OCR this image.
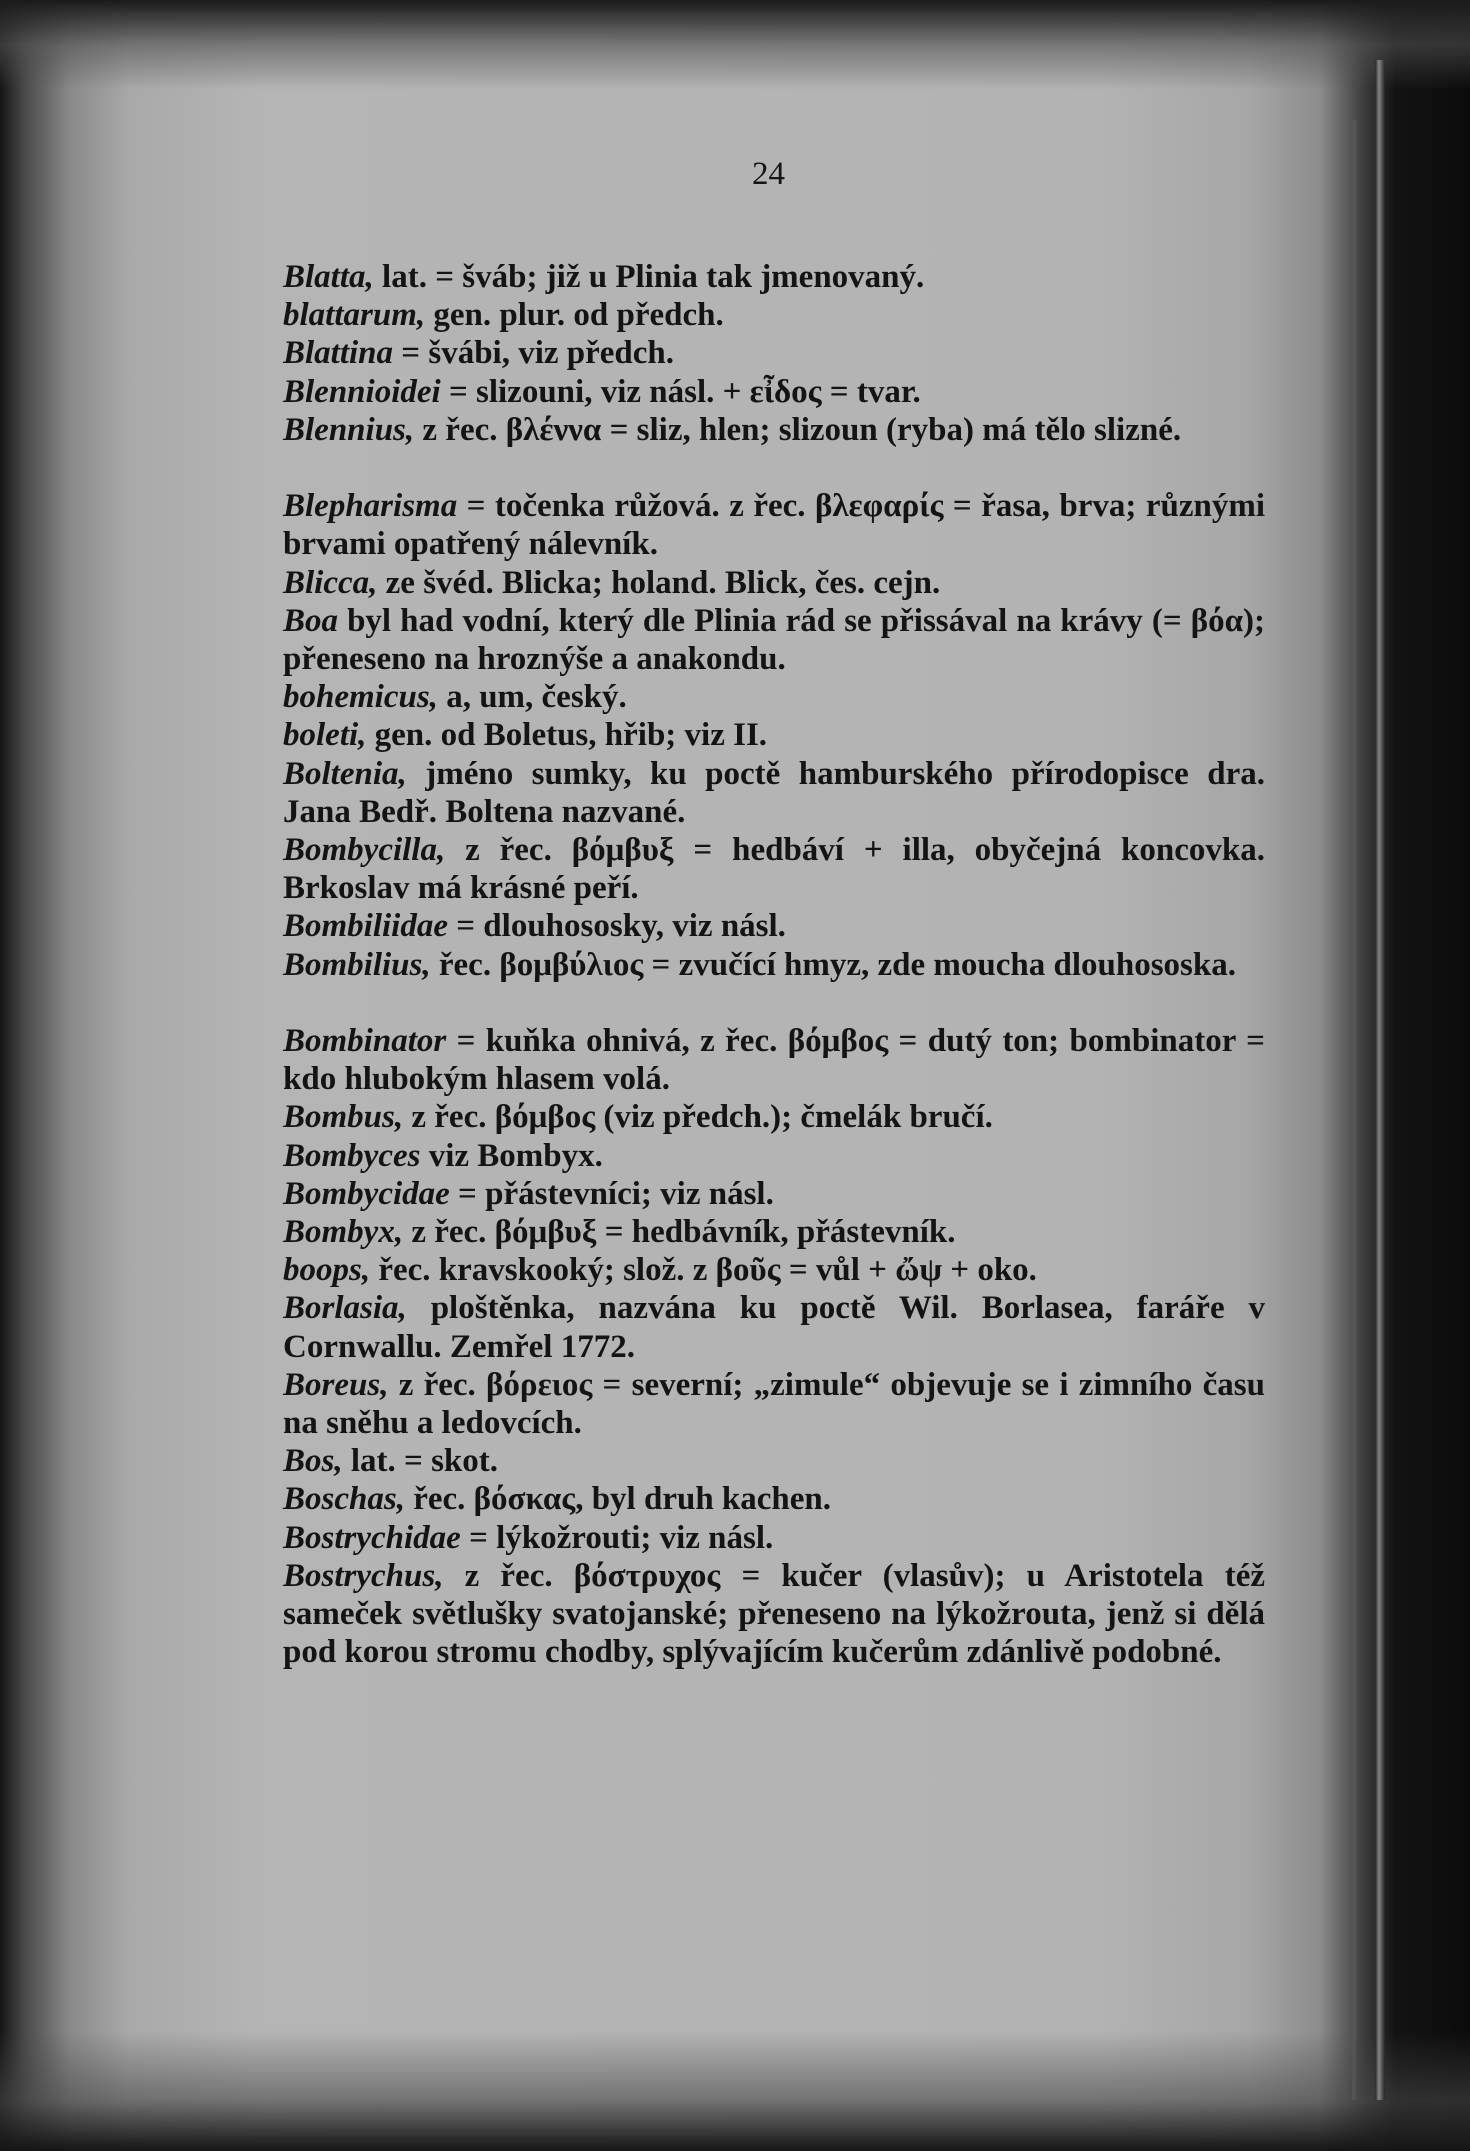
24

Blatta, lat. = šváb; již u Plinia tak jmenovaný.

blattarum, gen. plur. od předch.

Blattina = švábi, viz předch.

Blennioidei = slizouni, viz násl. + εἶδος = tvar.

Blennius, z řec. βλέννα = sliz, hlen; slizoun (ryba) má tělo slizné.

Blepharisma = točenka růžová. z řec. βλεφαρίς = řasa, brva; různými brvami opatřený nálevník.

Blicca, ze švéd. Blicka; holand. Blick, čes. cejn.

Boa byl had vodní, který dle Plinia rád se přissával na krávy (= βόα); přeneseno na hroznýše a anakondu.

bohemicus, a, um, český.

boleti, gen. od Boletus, hřib; viz II.

Boltenia, jméno sumky, ku poctě hamburského přírodopisce dra. Jana Bedř. Boltena nazvané.

Bombycilla, z řec. βόμβυξ = hedbáví + illa, obyčejná koncovka. Brkoslav má krásné peří.

Bombiliidae = dlouhososky, viz násl.

Bombilius, řec. βομβύλιος = zvučící hmyz, zde moucha dlouhososka.

Bombinator = kuňka ohnivá, z řec. βόμβος = dutý ton; bombinator = kdo hlubokým hlasem volá.

Bombus, z řec. βόμβος (viz předch.); čmelák bručí.

Bombyces viz Bombyx.

Bombycidae = přástevníci; viz násl.

Bombyx, z řec. βόμβυξ = hedbávník, přástevník.

boops, řec. kravskooký; slož. z βοῦς = vůl + ὤψ + oko.

Borlasia, ploštěnka, nazvána ku poctě Wil. Borlasea, faráře v Cornwallu. Zemřel 1772.

Boreus, z řec. βόρειος = severní; „zimule“ objevuje se i zimního času na sněhu a ledovcích.

Bos, lat. = skot.

Boschas, řec. βόσκας, byl druh kachen.

Bostrychidae = lýkožrouti; viz násl.

Bostrychus, z řec. βόστρυχος = kučer (vlasův); u Aristotela též sameček světlušky svatojanské; přeneseno na lýkožrouta, jenž si dělá pod korou stromu chodby, splývajícím kučerům zdánlivě podobné.
